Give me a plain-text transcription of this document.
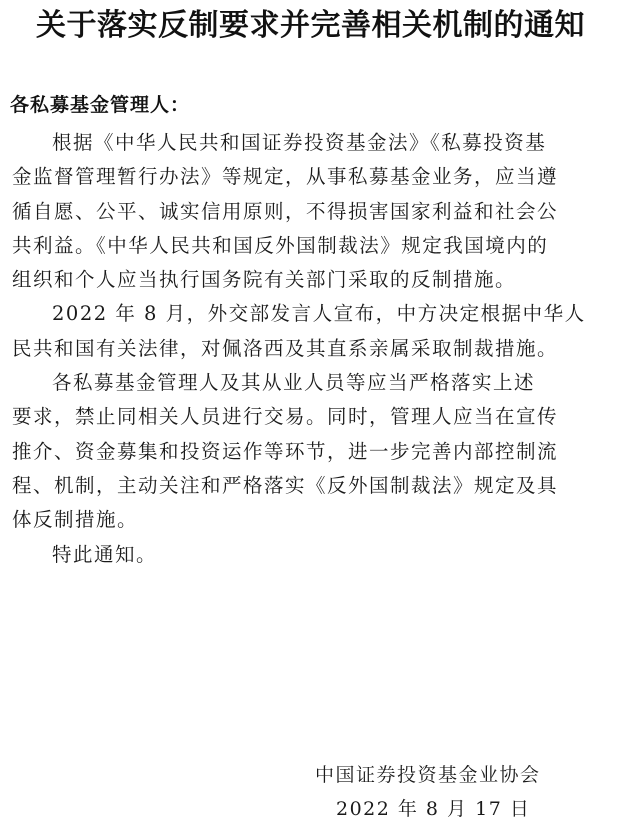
关于落实反制要求并完善相关机制的通知
各私募基金管理人：
根据《中华人民共和国证券投资基金法》《私募投资基
金监督管理暂行办法》等规定，从事私募基金业务，应当遵
循自愿、公平、诚实信用原则，不得损害国家利益和社会公
共利益。《中华人民共和国反外国制裁法》规定我国境内的
组织和个人应当执行国务院有关部门采取的反制措施。
2022 年 8 月，外交部发言人宣布，中方决定根据中华人
民共和国有关法律，对佩洛西及其直系亲属采取制裁措施。
各私募基金管理人及其从业人员等应当严格落实上述
要求，禁止同相关人员进行交易。同时，管理人应当在宣传
推介、资金募集和投资运作等环节，进一步完善内部控制流
程、机制，主动关注和严格落实《反外国制裁法》规定及具
体反制措施。
特此通知。
中国证券投资基金业协会
2022 年 8 月 17 日
